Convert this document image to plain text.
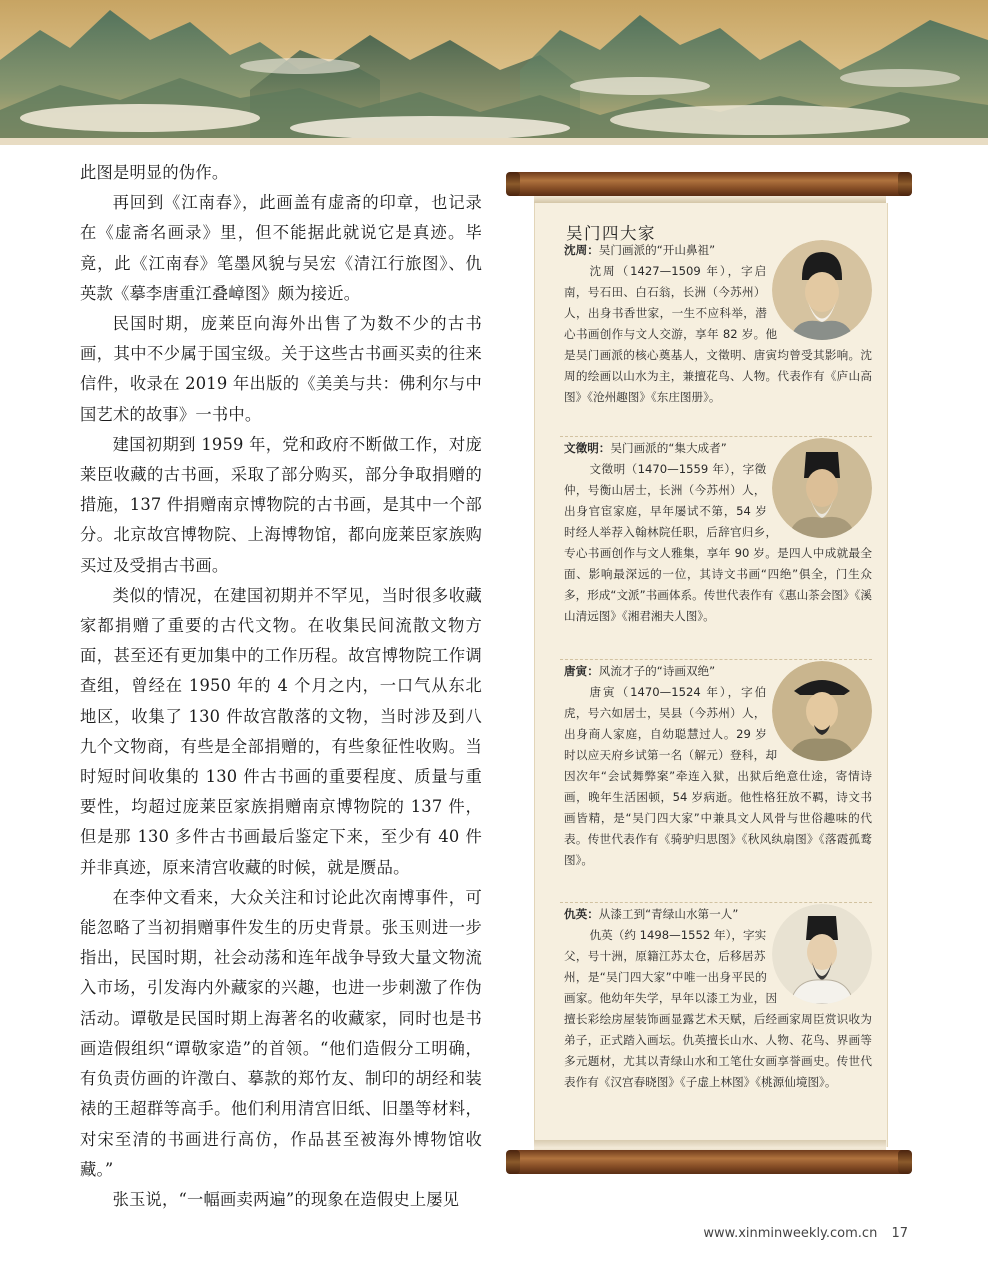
此图是明显的伪作。

再回到《江南春》，此画盖有虚斋的印章，也记录在《虚斋名画录》里，但不能据此就说它是真迹。毕竟，此《江南春》笔墨风貌与吴宏《清江行旅图》、仇英款《摹李唐重江叠嶂图》颇为接近。

民国时期，庞莱臣向海外出售了为数不少的古书画，其中不少属于国宝级。关于这些古书画买卖的往来信件，收录在 2019 年出版的《美美与共：佛利尔与中国艺术的故事》一书中。

建国初期到 1959 年，党和政府不断做工作，对庞莱臣收藏的古书画，采取了部分购买，部分争取捐赠的措施，137 件捐赠南京博物院的古书画，是其中一个部分。北京故宫博物院、上海博物馆，都向庞莱臣家族购买过及受捐古书画。

类似的情况，在建国初期并不罕见，当时很多收藏家都捐赠了重要的古代文物。在收集民间流散文物方面，甚至还有更加集中的工作历程。故宫博物院工作调查组，曾经在 1950 年的 4 个月之内，一口气从东北地区，收集了 130 件故宫散落的文物，当时涉及到八九个文物商，有些是全部捐赠的，有些象征性收购。当时短时间收集的 130 件古书画的重要程度、质量与重要性，均超过庞莱臣家族捐赠南京博物院的 137 件，但是那 130 多件古书画最后鉴定下来，至少有 40 件并非真迹，原来清宫收藏的时候，就是赝品。

在李仲文看来，大众关注和讨论此次南博事件，可能忽略了当初捐赠事件发生的历史背景。张玉则进一步指出，民国时期，社会动荡和连年战争导致大量文物流入市场，引发海内外藏家的兴趣，也进一步刺激了作伪活动。谭敬是民国时期上海著名的收藏家，同时也是书画造假组织“谭敬家造”的首领。“他们造假分工明确，有负责仿画的许澂白、摹款的郑竹友、制印的胡经和装裱的王超群等高手。他们利用清宫旧纸、旧墨等材料，对宋至清的书画进行高仿，作品甚至被海外博物馆收藏。”

张玉说，“一幅画卖两遍”的现象在造假史上屡见

吴门四大家
沈周：吴门画派的“开山鼻祖”
沈周（1427—1509 年），字启南，号石田、白石翁，长洲（今苏州）人，出身书香世家，一生不应科举，潜心书画创作与文人交游，享年 82 岁。他是吴门画派的核心奠基人，文徵明、唐寅均曾受其影响。沈周的绘画以山水为主，兼擅花鸟、人物。代表作有《庐山高图》《沧州趣图》《东庄图册》。
文徵明：吴门画派的“集大成者”
文徵明（1470—1559 年），字徵仲，号衡山居士，长洲（今苏州）人，出身官宦家庭，早年屡试不第，54 岁时经人举荐入翰林院任职，后辞官归乡，专心书画创作与文人雅集，享年 90 岁。是四人中成就最全面、影响最深远的一位，其诗文书画“四绝”俱全，门生众多，形成“文派”书画体系。传世代表作有《惠山茶会图》《溪山清远图》《湘君湘夫人图》。
唐寅：风流才子的“诗画双绝”
唐寅（1470—1524 年），字伯虎，号六如居士，吴县（今苏州）人，出身商人家庭，自幼聪慧过人。29 岁时以应天府乡试第一名（解元）登科，却因次年“会试舞弊案”牵连入狱，出狱后绝意仕途，寄情诗画，晚年生活困顿，54 岁病逝。他性格狂放不羁，诗文书画皆精，是“吴门四大家”中兼具文人风骨与世俗趣味的代表。传世代表作有《骑驴归思图》《秋风纨扇图》《落霞孤鹜图》。
仇英：从漆工到“青绿山水第一人”
仇英（约 1498—1552 年），字实父，号十洲，原籍江苏太仓，后移居苏州，是“吴门四大家”中唯一出身平民的画家。他幼年失学，早年以漆工为业，因擅长彩绘房屋装饰画显露艺术天赋，后经画家周臣赏识收为弟子，正式踏入画坛。仇英擅长山水、人物、花鸟、界画等多元题材，尤其以青绿山水和工笔仕女画享誉画史。传世代表作有《汉宫春晓图》《子虚上林图》《桃源仙境图》。
www.xinminweekly.com.cn 17
